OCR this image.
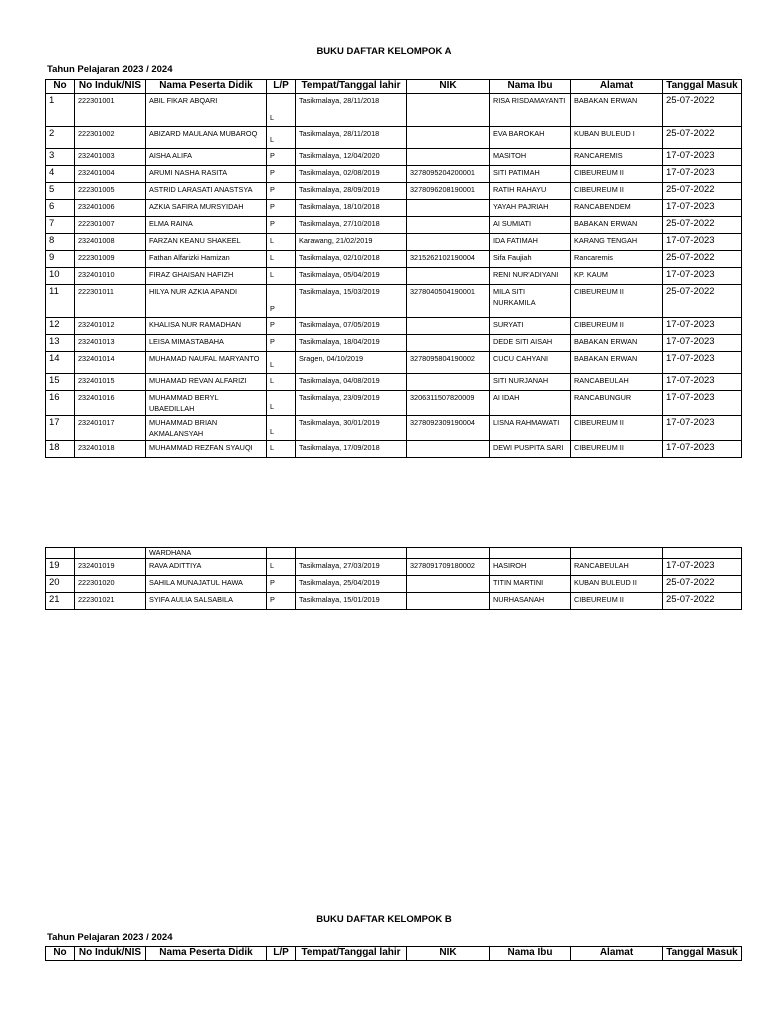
BUKU DAFTAR KELOMPOK A
Tahun Pelajaran 2023 / 2024
No	No Induk/NIS	Nama Peserta Didik	L/P	Tempat/Tanggal lahir	NIK	Nama Ibu	Alamat	Tanggal Masuk
1	222301001	ABIL FIKAR ABQARI	L	Tasikmalaya, 28/11/2018		RISA RISDAMAYANTI	BABAKAN ERWAN	25-07-2022
2	222301002	ABIZARD MAULANA MUBAROQ	L	Tasikmalaya, 28/11/2018		EVA BAROKAH	KUBAN BULEUD I	25-07-2022
3	232401003	AISHA ALIFA	P	Tasikmalaya, 12/04/2020		MASITOH	RANCAREMIS	17-07-2023
4	232401004	ARUMI NASHA RASITA	P	Tasikmalaya, 02/08/2019	3278095204200001	SITI PATIMAH	CIBEUREUM II	17-07-2023
5	222301005	ASTRID LARASATI ANASTSYA	P	Tasikmalaya, 28/09/2019	3278096208190001	RATIH RAHAYU	CIBEUREUM II	25-07-2022
6	232401006	AZKIA SAFIRA MURSYIDAH	P	Tasikmalaya, 18/10/2018		YAYAH PAJRIAH	RANCABENDEM	17-07-2023
7	222301007	ELMA RAINA	P	Tasikmalaya, 27/10/2018		AI SUMIATI	BABAKAN ERWAN	25-07-2022
8	232401008	FARZAN KEANU SHAKEEL	L	Karawang, 21/02/2019		IDA FATIMAH	KARANG TENGAH	17-07-2023
9	222301009	Fathan Alfarizki Hamizan	L	Tasikmalaya, 02/10/2018	3215262102190004	Sifa Faujiah	Rancaremis	25-07-2022
10	232401010	FIRAZ GHAISAN HAFIZH	L	Tasikmalaya, 05/04/2019		RENI NUR'ADIYANI	KP. KAUM	17-07-2023
11	222301011	HILYA NUR AZKIA APANDI	P	Tasikmalaya, 15/03/2019	3278040504190001	MILA SITI NURKAMILA	CIBEUREUM II	25-07-2022
12	232401012	KHALISA NUR RAMADHAN	P	Tasikmalaya, 07/05/2019		SURYATI	CIBEUREUM II	17-07-2023
13	232401013	LEISA MIMASTABAHA	P	Tasikmalaya, 18/04/2019		DEDE SITI AISAH	BABAKAN ERWAN	17-07-2023
14	232401014	MUHAMAD NAUFAL MARYANTO	L	Sragen, 04/10/2019	3278095804190002	CUCU CAHYANI	BABAKAN ERWAN	17-07-2023
15	232401015	MUHAMAD REVAN ALFARIZI	L	Tasikmalaya, 04/08/2019		SITI NURJANAH	RANCABEULAH	17-07-2023
16	232401016	MUHAMMAD BERYL UBAEDILLAH	L	Tasikmalaya, 23/09/2019	3206311507820009	AI IDAH	RANCABUNGUR	17-07-2023
17	232401017	MUHAMMAD BRIAN AKMALANSYAH	L	Tasikmalaya, 30/01/2019	3278092309190004	LISNA RAHMAWATI	CIBEUREUM II	17-07-2023
18	232401018	MUHAMMAD REZFAN SYAUQI	L	Tasikmalaya, 17/09/2018		DEWI PUSPITA SARI	CIBEUREUM II	17-07-2023
		WARDHANA						
19	232401019	RAVA ADITTIYA	L	Tasikmalaya, 27/03/2019	3278091709180002	HASIROH	RANCABEULAH	17-07-2023
20	222301020	SAHILA MUNAJATUL HAWA	P	Tasikmalaya, 25/04/2019		TITIN MARTINI	KUBAN BULEUD II	25-07-2022
21	222301021	SYIFA AULIA SALSABILA	P	Tasikmalaya, 15/01/2019		NURHASANAH	CIBEUREUM II	25-07-2022
BUKU DAFTAR KELOMPOK B
Tahun Pelajaran 2023 / 2024
No	No Induk/NIS	Nama Peserta Didik	L/P	Tempat/Tanggal lahir	NIK	Nama Ibu	Alamat	Tanggal Masuk
